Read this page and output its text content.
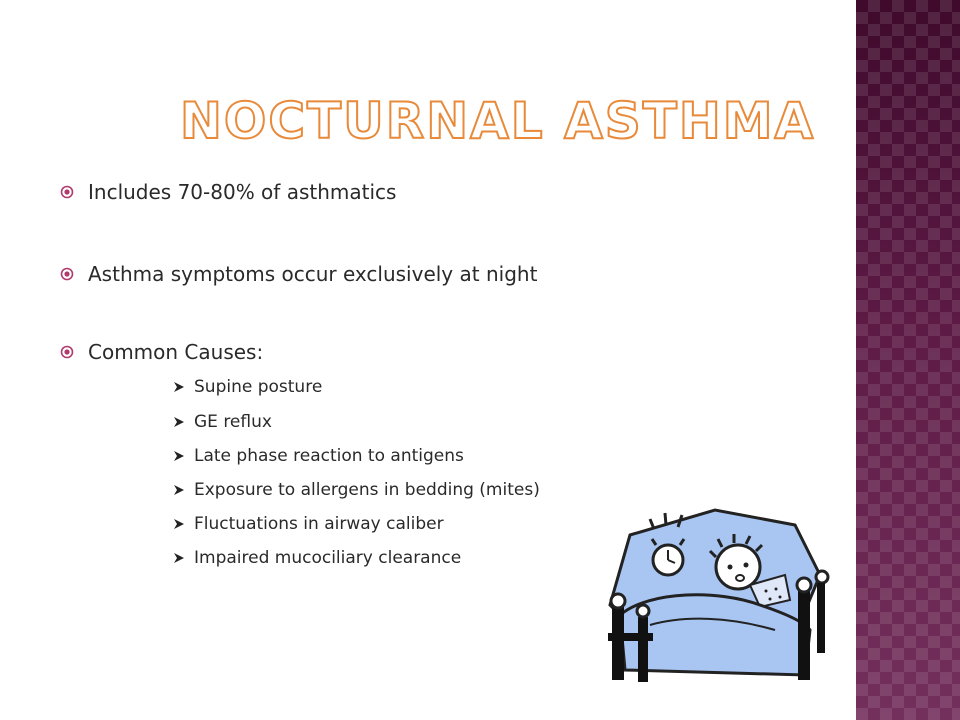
NOCTURNAL ASTHMA
Includes 70-80% of asthmatics
Asthma symptoms occur exclusively at night
Common Causes:
Supine posture
GE reflux
Late phase reaction to antigens
Exposure to allergens in bedding (mites)
Fluctuations in airway caliber
Impaired mucociliary clearance
